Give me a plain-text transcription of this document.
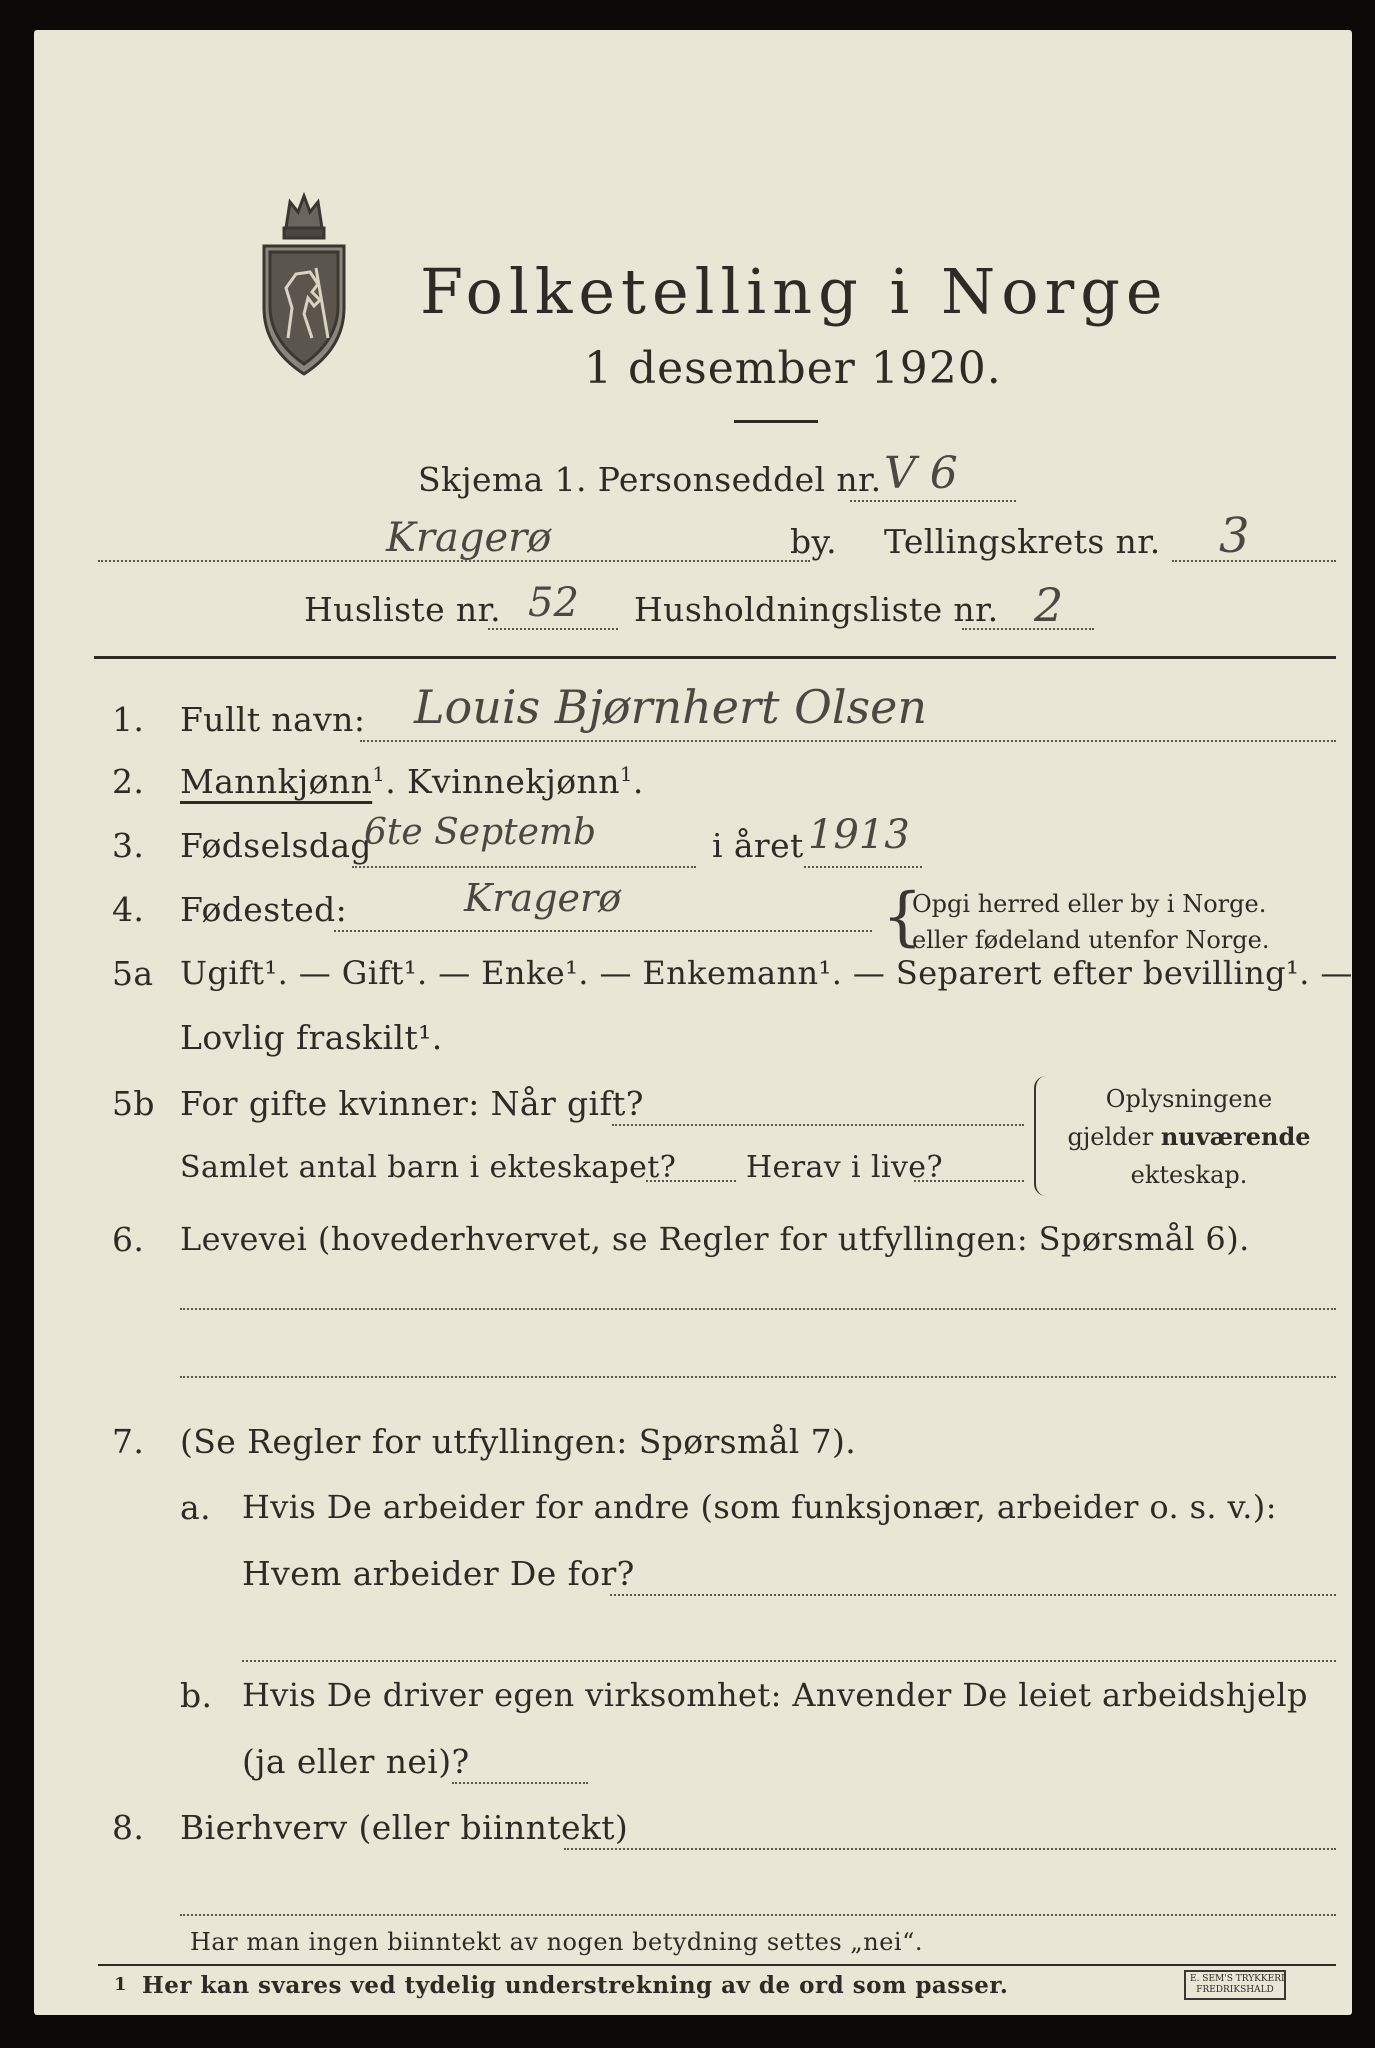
Folketelling i Norge
1 desember 1920.
Skjema 1. Personseddel nr. V 6
Kragerø	by. Tellingskrets nr. 3
Husliste nr. 52 Husholdningsliste nr. 2
1. Fullt navn: Louis Bjørnhert Olsen
2. Mannkjønn$^1$. Kvinnekjønn$^1$.
3. Fødselsdag
6te Septemb	i året 1913
4. Fødested:	Kragerø	{
Opgi herred eller by i Norge.
eller fødeland utenfor Norge.
5a Ugift¹. — Gift¹. — Enke¹. — Enkemann¹. — Separert efter bevilling¹. —
Lovlig fraskilt¹.
5b For gifte kvinner: Når gift?
Samlet antal barn i ekteskapet? Herav i live?
Oplysningene
gjelder nuværende
ekteskap.
6. Levevei (hovederhvervet, se Regler for utfyllingen: Spørsmål 6).
7. (Se Regler for utfyllingen: Spørsmål 7).
a. Hvis De arbeider for andre (som funksjonær, arbeider o. s. v.):
Hvem arbeider De for?
b. Hvis De driver egen virksomhet: Anvender De leiet arbeidshjelp
(ja eller nei)?
8. Bierhverv (eller biinntekt)
Har man ingen biinntekt av nogen betydning settes „nei“.
1 Her kan svares ved tydelig understrekning av de ord som passer.	E. SEM'S TRYKKERI
FREDRIKSHALD
